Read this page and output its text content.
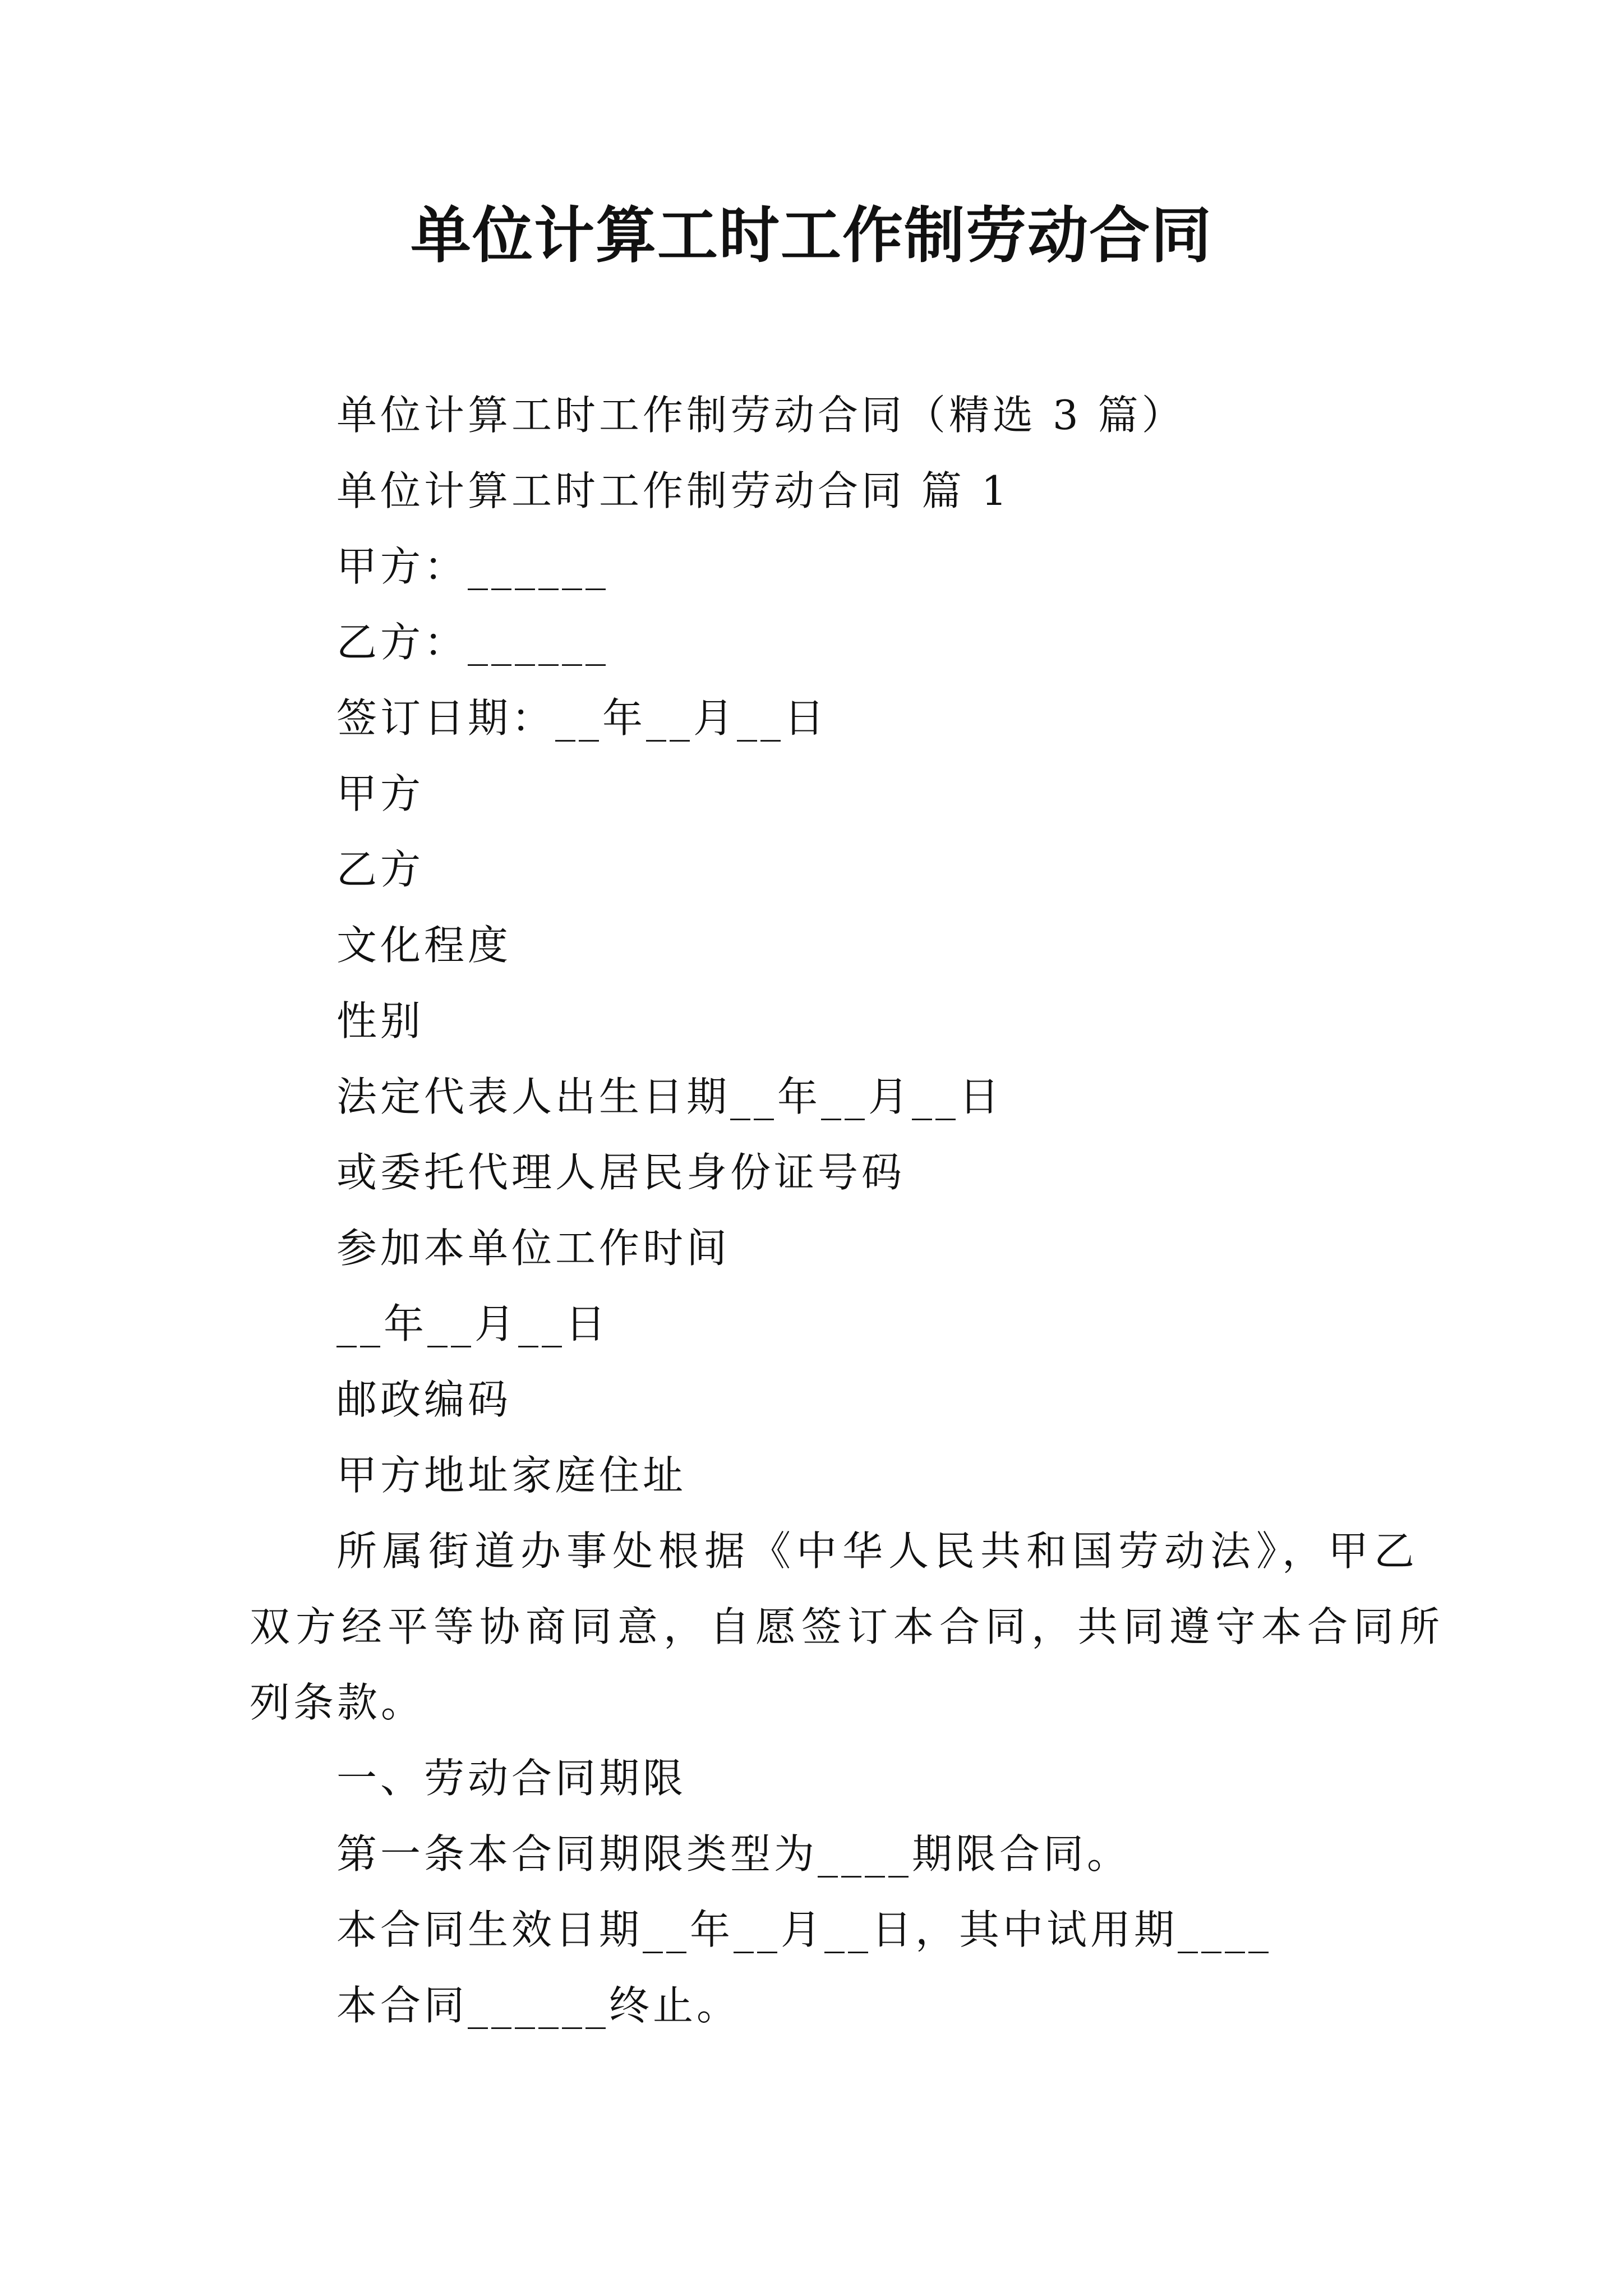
单位计算工时工作制劳动合同
单位计算工时工作制劳动合同（精选 3 篇）
单位计算工时工作制劳动合同 篇 1
甲方：______
乙方：______
签订日期：__年__月__日
甲方
乙方
文化程度
性别
法定代表人出生日期__年__月__日
或委托代理人居民身份证号码
参加本单位工作时间
__年__月__日
邮政编码
甲方地址家庭住址
所属街道办事处根据《中华人民共和国劳动法》，甲乙
双方经平等协商同意，自愿签订本合同，共同遵守本合同所
列条款。
一、劳动合同期限
第一条本合同期限类型为____期限合同。
本合同生效日期__年__月__日，其中试用期____
本合同______终止。
